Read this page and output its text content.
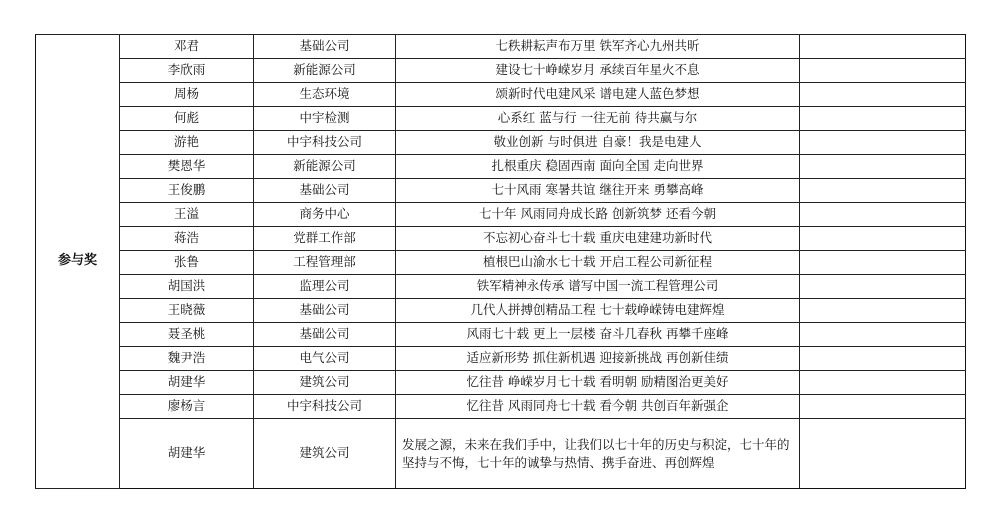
参与奖	邓君	基础公司	七秩耕耘声布万里 铁军齐心九州共昕	
	李欣雨	新能源公司	建设七十峥嵘岁月 承续百年星火不息	
	周杨	生态环境	颂新时代电建风采 谱电建人蓝色梦想	
	何彪	中宇检测	心系红 蓝与行 一往无前 待共赢与尔	
	游艳	中宇科技公司	敬业创新 与时俱进 自豪！我是电建人	
	樊恩华	新能源公司	扎根重庆 稳固西南 面向全国 走向世界	
	王俊鹏	基础公司	七十风雨 寒暑共谊 继往开来 勇攀高峰	
	王溢	商务中心	七十年 风雨同舟成长路 创新筑梦 还看今朝	
	蒋浩	党群工作部	不忘初心奋斗七十载 重庆电建建功新时代	
	张鲁	工程管理部	植根巴山渝水七十载 开启工程公司新征程	
	胡国洪	监理公司	铁军精神永传承 谱写中国一流工程管理公司	
	王晓薇	基础公司	几代人拼搏创精品工程 七十载峥嵘铸电建辉煌	
	聂圣桃	基础公司	风雨七十载 更上一层楼 奋斗几春秋 再攀千座峰	
	魏尹浩	电气公司	适应新形势 抓住新机遇 迎接新挑战 再创新佳绩	
	胡建华	建筑公司	忆往昔 峥嵘岁月七十载 看明朝 励精图治更美好	
	廖杨言	中宇科技公司	忆往昔 风雨同舟七十载 看今朝 共创百年新强企	
	胡建华	建筑公司	发展之源，未来在我们手中，让我们以七十年的历史与积淀，七十年的坚持与不悔，七十年的诚挚与热情、携手奋进、再创辉煌	
